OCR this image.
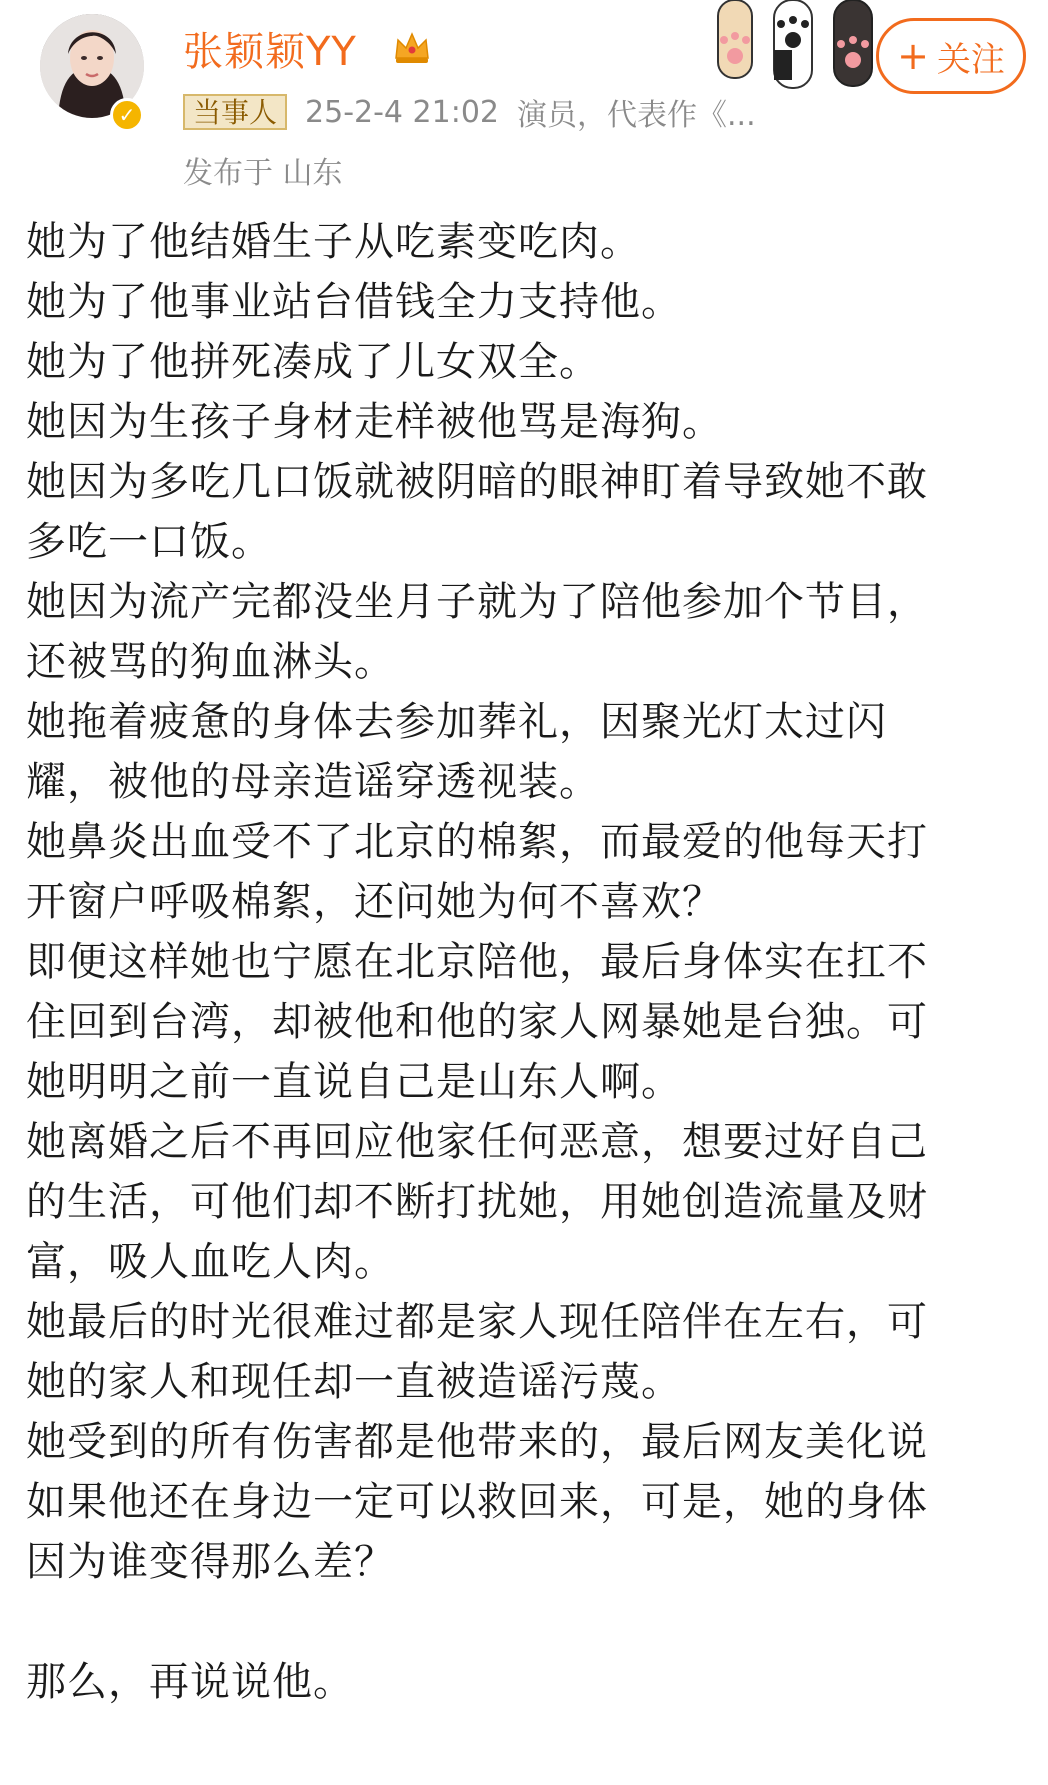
✓
张颖颖YY
当事人 25-2-4 21:02 演员，代表作《...
发布于 山东
+ 关注
她为了他结婚生子从吃素变吃肉。
她为了他事业站台借钱全力支持他。
她为了他拼死凑成了儿女双全。
她因为生孩子身材走样被他骂是海狗。
她因为多吃几口饭就被阴暗的眼神盯着导致她不敢
多吃一口饭。
她因为流产完都没坐月子就为了陪他参加个节目，
还被骂的狗血淋头。
她拖着疲惫的身体去参加葬礼，因聚光灯太过闪
耀，被他的母亲造谣穿透视装。
她鼻炎出血受不了北京的棉絮，而最爱的他每天打
开窗户呼吸棉絮，还问她为何不喜欢？
即便这样她也宁愿在北京陪他，最后身体实在扛不
住回到台湾，却被他和他的家人网暴她是台独。可
她明明之前一直说自己是山东人啊。
她离婚之后不再回应他家任何恶意，想要过好自己
的生活，可他们却不断打扰她，用她创造流量及财
富，吸人血吃人肉。
她最后的时光很难过都是家人现任陪伴在左右，可
她的家人和现任却一直被造谣污蔑。
她受到的所有伤害都是他带来的，最后网友美化说
如果他还在身边一定可以救回来，可是，她的身体
因为谁变得那么差？
那么，再说说他。
